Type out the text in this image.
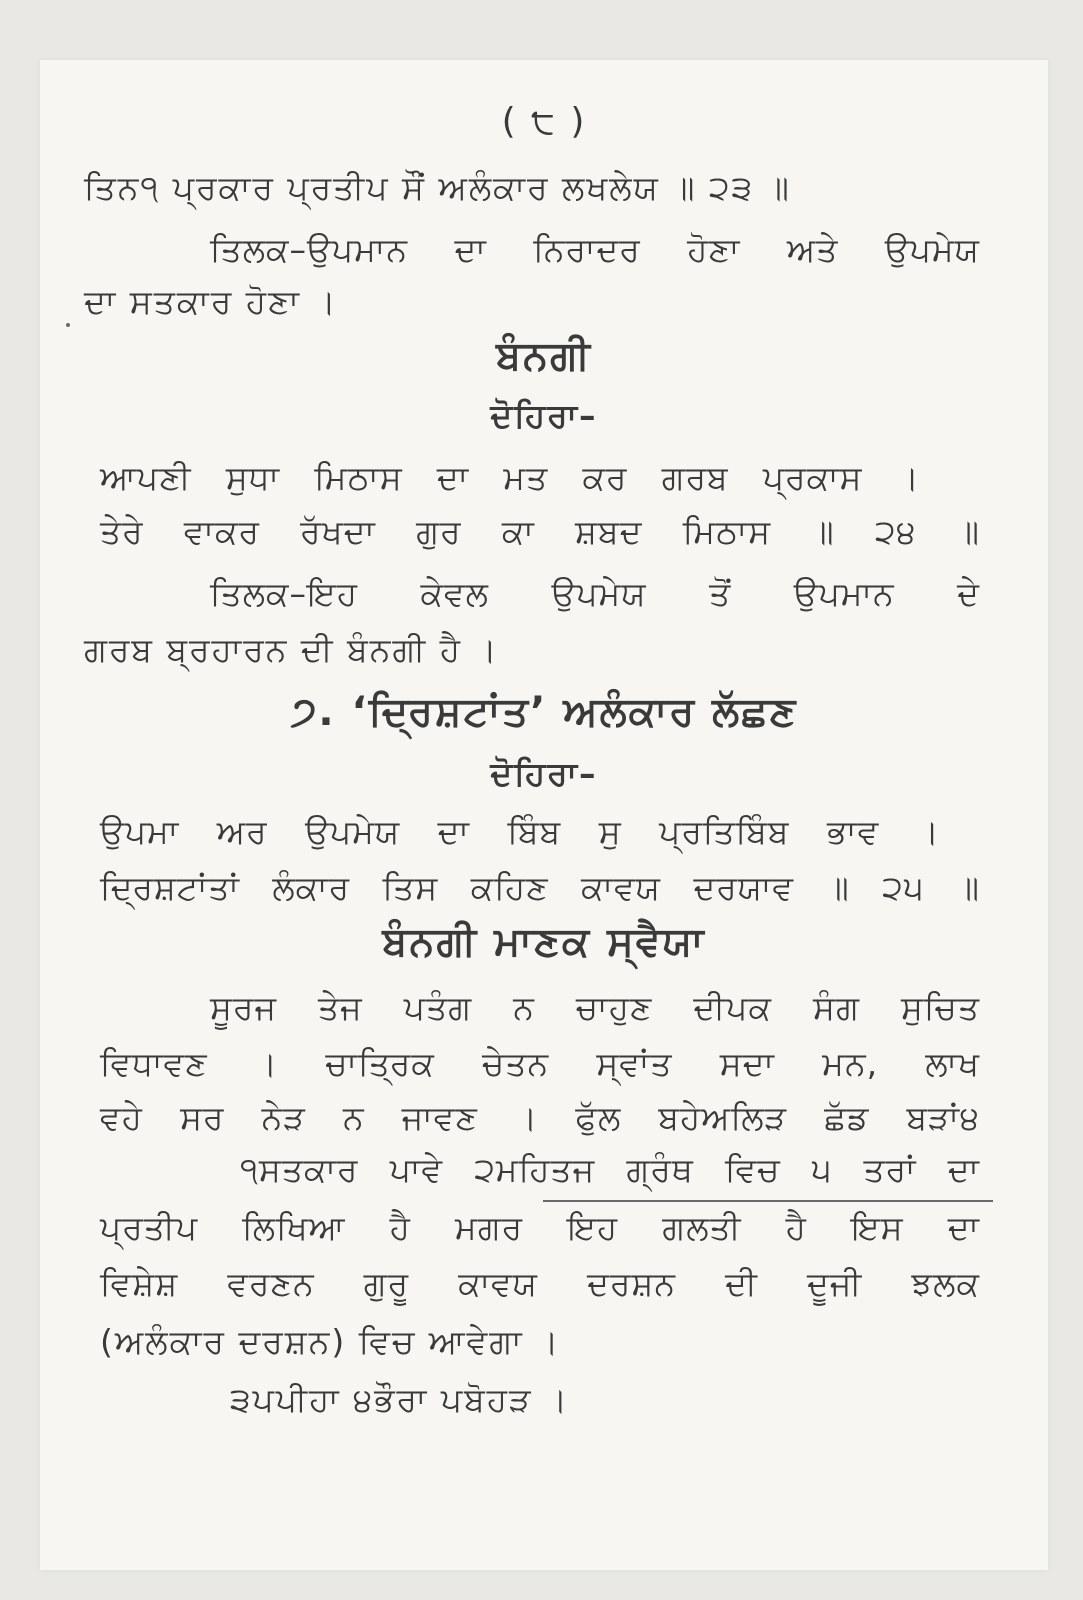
( ੮ )
ਤਿਨ੧ ਪ੍ਰਕਾਰ ਪ੍ਰਤੀਪ ਸੌਂ ਅਲੰਕਾਰ ਲਖਲੇਯ ॥ ੨੩ ॥
ਤਿਲਕ–ਉਪਮਾਨ ਦਾ ਨਿਰਾਦਰ ਹੋਣਾ ਅਤੇ ਉਪਮੇਯ
ਦਾ ਸਤਕਾਰ ਹੋਣਾ ।
ਬੰਨਗੀ
ਦੋਹਿਰਾ–
ਆਪਣੀ ਸੁਧਾ ਮਿਠਾਸ ਦਾ ਮਤ ਕਰ ਗਰਬ ਪ੍ਰਕਾਸ ।
ਤੇਰੇ ਵਾਕਰ ਰੱਖਦਾ ਗੁਰ ਕਾ ਸ਼ਬਦ ਮਿਠਾਸ ॥ ੨੪ ॥
ਤਿਲਕ–ਇਹ ਕੇਵਲ ਉਪਮੇਯ ਤੋਂ ਉਪਮਾਨ ਦੇ
ਗਰਬ ਬ੍ਰਹਾਰਨ ਦੀ ਬੰਨਗੀ ਹੈ ।
੭. ‘ਦ੍ਰਿਸ਼ਟਾਂਤ’ ਅਲੰਕਾਰ ਲੱਛਣ
ਦੋਹਿਰਾ–
ਉਪਮਾ ਅਰ ਉਪਮੇਯ ਦਾ ਬਿੰਬ ਸੁ ਪ੍ਰਤਿਬਿੰਬ ਭਾਵ ।
ਦ੍ਰਿਸ਼ਟਾਂਤਾਂ ਲੰਕਾਰ ਤਿਸ ਕਹਿਣ ਕਾਵਯ ਦਰਯਾਵ ॥ ੨੫ ॥
ਬੰਨਗੀ ਮਾਣਕ ਸ੍ਵੈਯਾ
ਸੂਰਜ ਤੇਜ ਪਤੰਗ ਨ ਚਾਹੁਣ ਦੀਪਕ ਸੰਗ ਸੁਚਿਤ
ਵਿਧਾਵਣ । ਚਾਤ੍ਰਿਕ ਚੇਤਨ ਸ੍ਵਾਂਤ ਸਦਾ ਮਨ, ਲਾਖ
ਵਹੇ ਸਰ ਨੇੜ ਨ ਜਾਵਣ । ਫੁੱਲ ਬਹੇਅਲਿੜ ਛੱਡ ਬੜਾਂ੪
੧ਸਤਕਾਰ ਪਾਵੇ ੨ਮਹਿਤਜ ਗ੍ਰੰਥ ਵਿਚ ੫ ਤਰਾਂ ਦਾ
ਪ੍ਰਤੀਪ ਲਿਖਿਆ ਹੈ ਮਗਰ ਇਹ ਗਲਤੀ ਹੈ ਇਸ ਦਾ
ਵਿਸ਼ੇਸ਼ ਵਰਣਨ ਗੁਰੂ ਕਾਵਯ ਦਰਸ਼ਨ ਦੀ ਦੂਜੀ ਝਲਕ
(ਅਲੰਕਾਰ ਦਰਸ਼ਨ) ਵਿਚ ਆਵੇਗਾ ।
੩ਪਪੀਹਾ ੪ਭੌਰਾ ਪਬੋਹੜ ।
